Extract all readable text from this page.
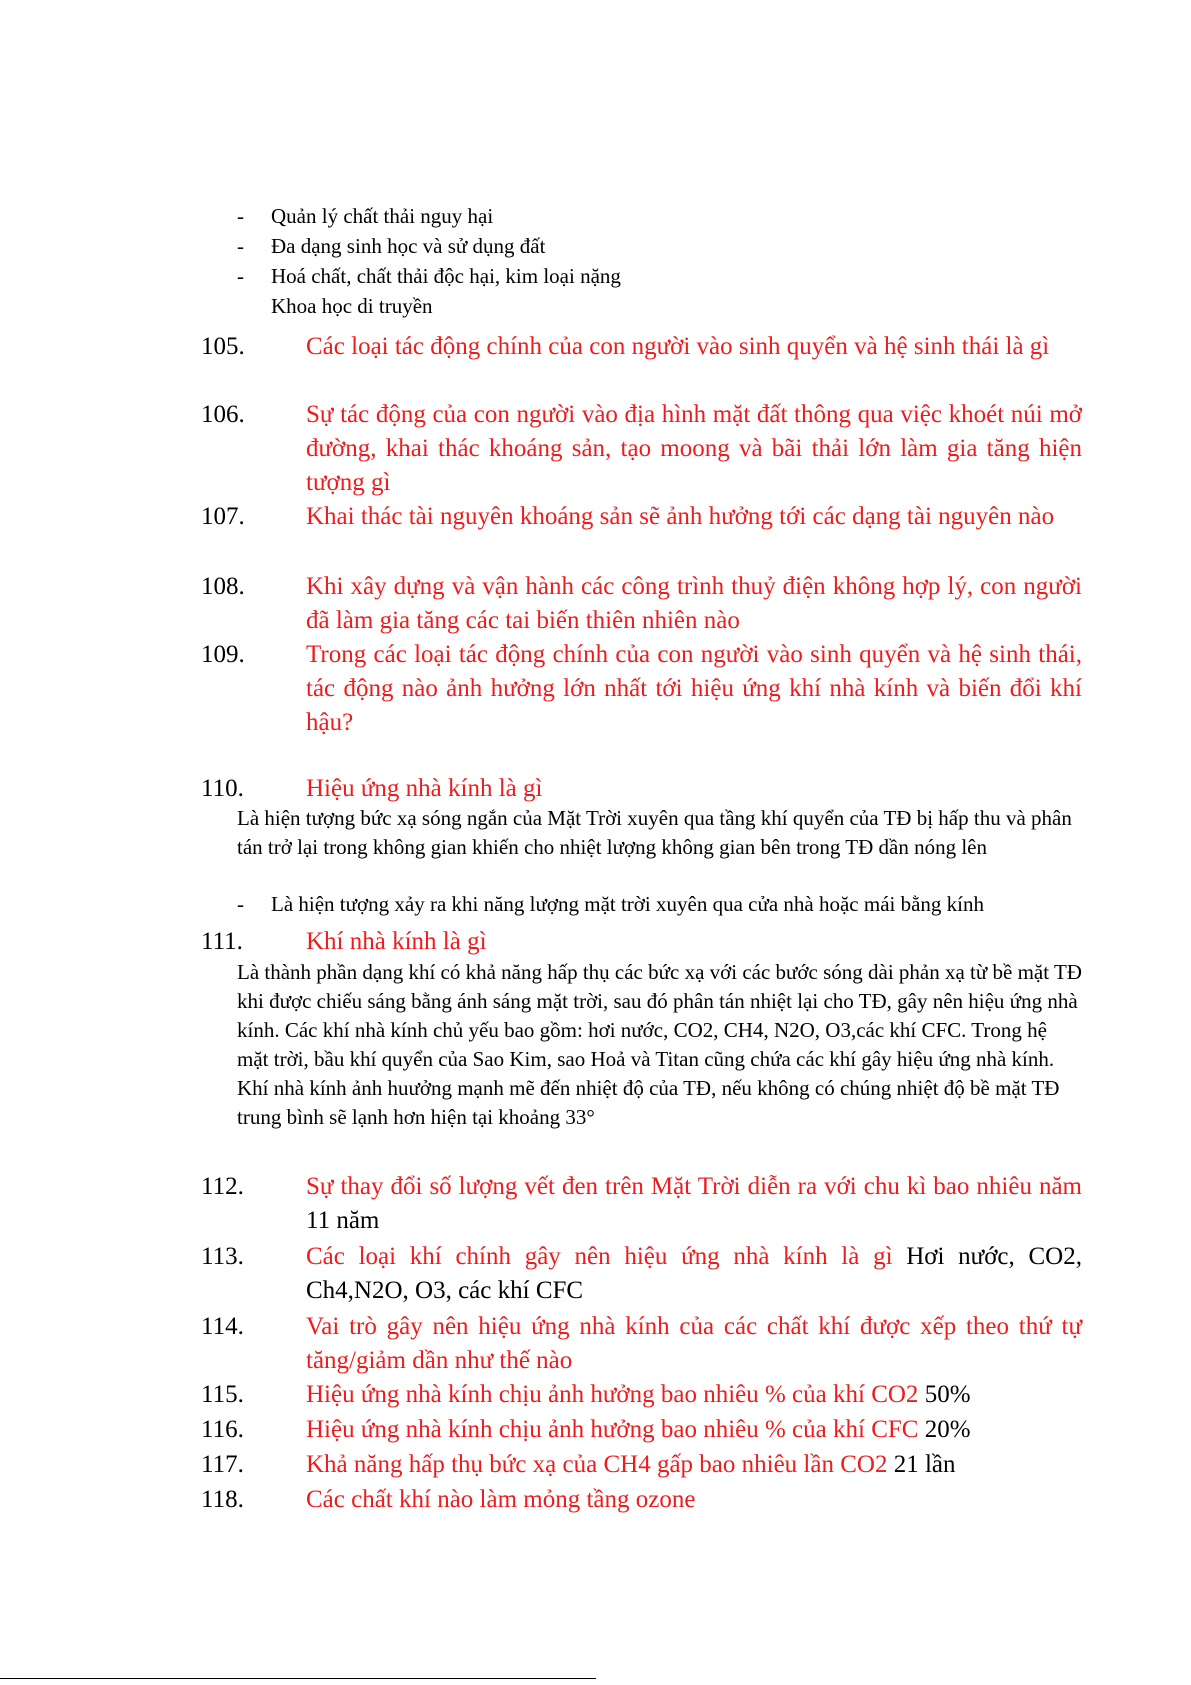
- Quản lý chất thải nguy hại
- Đa dạng sinh học và sử dụng đất
- Hoá chất, chất thải độc hại, kim loại nặng
Khoa học di truyền
105. Các loại tác động chính của con người vào sinh quyển và hệ sinh thái là gì
106. Sự tác động của con người vào địa hình mặt đất thông qua việc khoét núi mở đường, khai thác khoáng sản, tạo moong và bãi thải lớn làm gia tăng hiện tượng gì
107. Khai thác tài nguyên khoáng sản sẽ ảnh hưởng tới các dạng tài nguyên nào
108. Khi xây dựng và vận hành các công trình thuỷ điện không hợp lý, con người đã làm gia tăng các tai biến thiên nhiên nào
109. Trong các loại tác động chính của con người vào sinh quyển và hệ sinh thái, tác động nào ảnh hưởng lớn nhất tới hiệu ứng khí nhà kính và biến đổi khí hậu?
110. Hiệu ứng nhà kính là gì
Là hiện tượng bức xạ sóng ngắn của Mặt Trời xuyên qua tầng khí quyển của TĐ bị hấp thu và phân tán trở lại trong không gian khiến cho nhiệt lượng không gian bên trong TĐ dần nóng lên
- Là hiện tượng xảy ra khi năng lượng mặt trời xuyên qua cửa nhà hoặc mái bằng kính
111.	Khí nhà kính là gì
Là thành phần dạng khí có khả năng hấp thụ các bức xạ với các bước sóng dài phản xạ từ bề mặt TĐ khi được chiếu sáng bằng ánh sáng mặt trời, sau đó phân tán nhiệt lại cho TĐ, gây nên hiệu ứng nhà kính. Các khí nhà kính chủ yếu bao gồm: hơi nước, CO2, CH4, N2O, O3,các khí CFC. Trong hệ mặt trời, bầu khí quyển của Sao Kim, sao Hoả và Titan cũng chứa các khí gây hiệu ứng nhà kính. Khí nhà kính ảnh huưởng mạnh mẽ đến nhiệt độ của TĐ, nếu không có chúng nhiệt độ bề mặt TĐ trung bình sẽ lạnh hơn hiện tại khoảng 33°
112. Sự thay đổi số lượng vết đen trên Mặt Trời diễn ra với chu kì bao nhiêu năm 11 năm
113. Các loại khí chính gây nên hiệu ứng nhà kính là gì Hơi nước, CO2, Ch4,N2O, O3, các khí CFC
114. Vai trò gây nên hiệu ứng nhà kính của các chất khí được xếp theo thứ tự tăng/giảm dần như thế nào
115. Hiệu ứng nhà kính chịu ảnh hưởng bao nhiêu % của khí CO2 50%
116. Hiệu ứng nhà kính chịu ảnh hưởng bao nhiêu % của khí CFC 20%
117. Khả năng hấp thụ bức xạ của CH4 gấp bao nhiêu lần CO2 21 lần
118. Các chất khí nào làm mỏng tầng ozone
